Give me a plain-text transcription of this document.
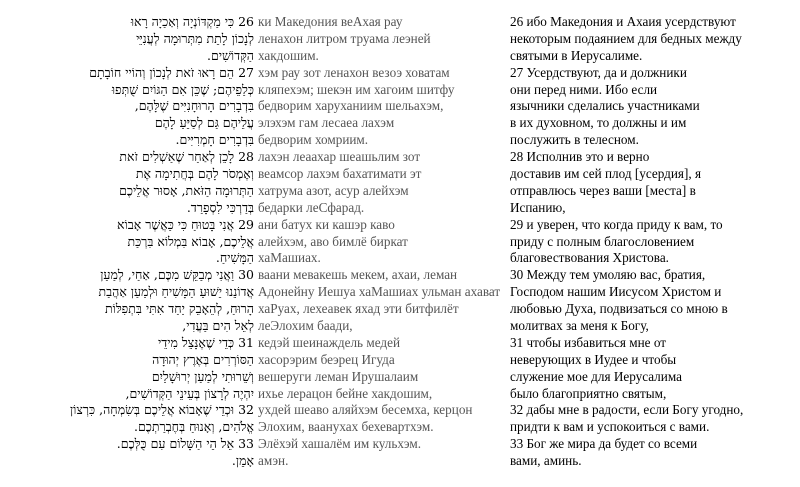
26 כִּי מַקְדּוֹנְיָה וְאַכַיָה רָאוּ
לְנָכוֹן לָתֵת מִתְּרוּמָה לְעֲנִיֵּי
הַקְּדוֹשִׁים.
27 הֵם רָאוּ זֹאת לְנָכוֹן וְהוֹיי חוֹבָתָם
כְּלַפֵיהֶם; שֶׁכֵּן אִם הַגּוֹיִם שֻׁתְּפוּ
בִּדְבָרִים הָרוּחָנִיִּים שֶׁלָּהֶם,
עֲלֵיהֶם גַּם לְסַיֵּעַ לָהֶם
בִּדְבָרִים חָמְרִיִּים.
28 לָכֵן לְאַחַר שֶׁאַשְׁלִים זֹאת
וְאֶמְסֹר לָהֶם בְּחֲתִימָה אֶת
הַתְּרוּמָה הַזֹּאת, אָסוּר אֲלֵיכֶם
בְּדַרְכִּי לִסְפָרַד.
29 אֲנִי בָּטוּחַ כִּי כַּאֲשֶׁר אָבוֹא
אֲלֵיכֶם, אָבוֹא בִּמְלוֹא בִּרְכַּת
הַמָּשִׁיחַ.
30 וַאֲנִי מְבַקֵּשׁ מִכֶּם, אַחַי, לְמַעַן
אֲדוֹנֵנוּ יֵשׁוּעַ הַמָּשִׁיחַ וּלְמַעַן אַהֲבַת
הָרוּחַ, לְהֵאָבֵק יַחַד אִתִּי בִּתְפִלּוֹת
לְאֵל הִים בַּעֲדִי,
31 כְּדֵי שֶׁאֶנָּצֵל מִידֵי
הַסּוֹרְרִים בְּאֶרֶץ יְהוּדָה
וְשֵׁרוּתִי לְמַעַן יְרוּשָׁלַיִם
יִהְיֶה לְרָצוֹן בְּעֵינֵי הַקְּדוֹשִׁים,
32 וּכְדֵי שֶׁאָבוֹא אֲלֵיכֶם בְּשִׂמְחָה, כִּרְצוֹן
אֱלֹהִים, וְאָנוּחַ בְּחֶבְרַתְכֶם.
33 אֵל הֵי הַשָּׁלוֹם עִם כֻּלְּכֶם.
אָמֵן.
ки Македония веАхая рау
ленахон литром труама леэней
хакдошим.
хэм рау зот ленахон везоэ ховатам
кляпехэм; шекэн им хагоим шитфу
бедворим харуханиим шельахэм,
элэхэм гам лесаеа лахэм
бедворим хомриим.
лахэн леаахар шеашьлим зот
веамсор лахэм бахатимати эт
хатрума азот, асур алейхэм
бедарки леСфарад.
ани батух ки кашэр каво
алейхэм, аво бимлё биркат
хаМашиах.
ваани мевакешь мекем, ахаи, леман
Адонейну Иешуа хаМашиах ульман ахават
хаРуах, лехеавек яхад эти битфилёт
леЭлохим баади,
кедэй шеинаждель медей
хасорэрим беэрец Игуда
вешеруги леман Ирушалаим
ихье лерацон бейне хакдошим,
ухдей шеаво аляйхэм бесемха, керцон
Элохим, ваанухах бехевартхэм.
Элёхэй хашалём им кульхэм.
амэн.
26 ибо Македония и Ахаия усердствуют
некоторым подаянием для бедных между
святыми в Иерусалиме.
27 Усердствуют, да и должники
они перед ними. Ибо если
язычники сделались участниками
в их духовном, то должны и им
послужить в телесном.
28 Исполнив это и верно
доставив им сей плод [усердия], я
отправлюсь через ваши [места] в
Испанию,
29 и уверен, что когда приду к вам, то
приду с полным благословением
благовествования Христова.
30 Между тем умоляю вас, братия,
Господом нашим Иисусом Христом и
любовью Духа, подвизаться со мною в
молитвах за меня к Богу,
31 чтобы избавиться мне от
неверующих в Иудее и чтобы
служение мое для Иерусалима
было благоприятно святым,
32 дабы мне в радости, если Богу угодно,
придти к вам и успокоиться с вами.
33 Бог же мира да будет со всеми
вами, аминь.
